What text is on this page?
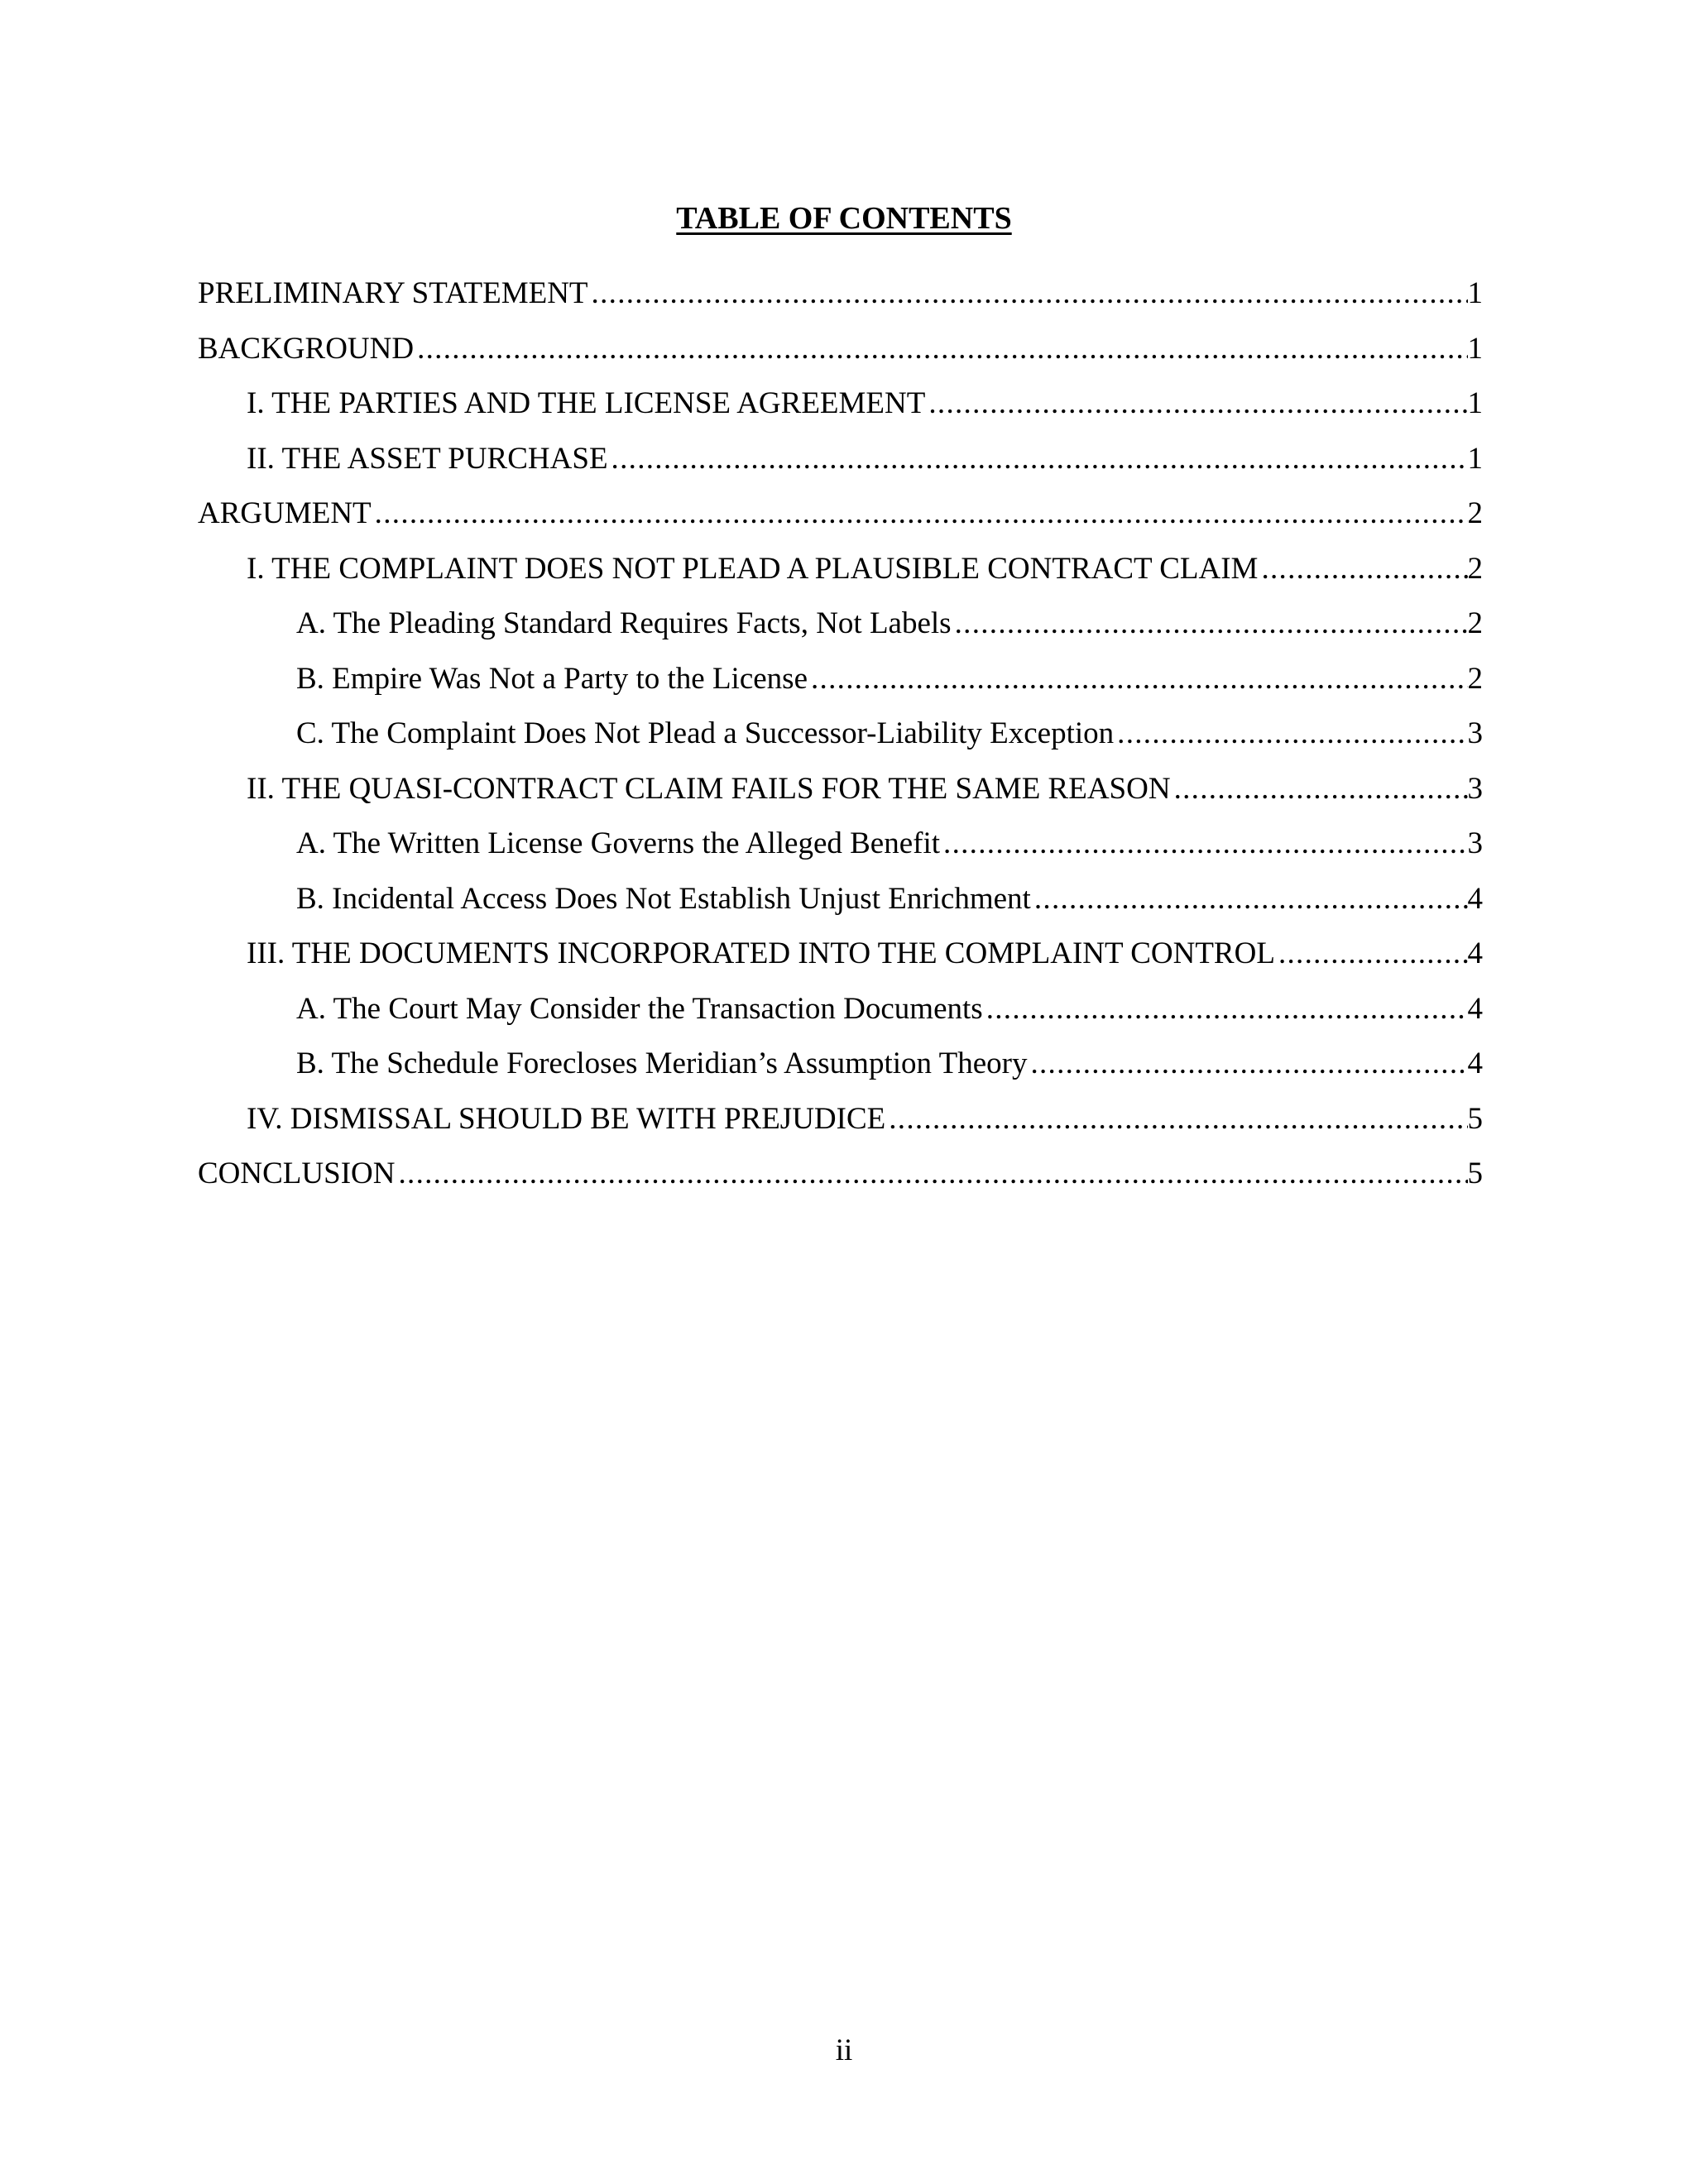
TABLE OF CONTENTS
PRELIMINARY STATEMENT .....	1
BACKGROUND .....	1
I. THE PARTIES AND THE LICENSE AGREEMENT .....	1
II. THE ASSET PURCHASE .....	1
ARGUMENT .....	2
I. THE COMPLAINT DOES NOT PLEAD A PLAUSIBLE CONTRACT CLAIM .....	2
A. The Pleading Standard Requires Facts, Not Labels .....	2
B. Empire Was Not a Party to the License .....	2
C. The Complaint Does Not Plead a Successor-Liability Exception .....	3
II. THE QUASI-CONTRACT CLAIM FAILS FOR THE SAME REASON .....	3
A. The Written License Governs the Alleged Benefit .....	3
B. Incidental Access Does Not Establish Unjust Enrichment .....	4
III. THE DOCUMENTS INCORPORATED INTO THE COMPLAINT CONTROL .....	4
A. The Court May Consider the Transaction Documents .....	4
B. The Schedule Forecloses Meridian’s Assumption Theory .....	4
IV. DISMISSAL SHOULD BE WITH PREJUDICE .....	5
CONCLUSION .....	5
ii
